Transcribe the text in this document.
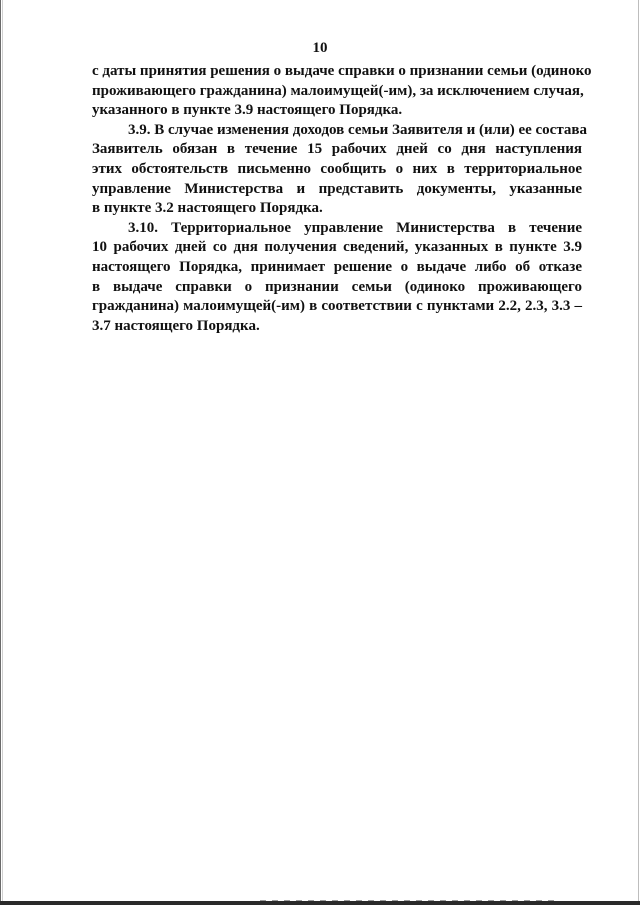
10
с даты принятия решения о выдаче справки о признании семьи (одиноко
проживающего гражданина) малоимущей(-им), за исключением случая,
указанного в пункте 3.9 настоящего Порядка.
3.9. В случае изменения доходов семьи Заявителя и (или) ее состава
Заявитель обязан в течение 15 рабочих дней со дня наступления
этих обстоятельств письменно сообщить о них в территориальное
управление Министерства и представить документы, указанные
в пункте 3.2 настоящего Порядка.
3.10. Территориальное управление Министерства в течение
10 рабочих дней со дня получения сведений, указанных в пункте 3.9
настоящего Порядка, принимает решение о выдаче либо об отказе
в выдаче справки о признании семьи (одиноко проживающего
гражданина) малоимущей(-им) в соответствии с пунктами 2.2, 2.3, 3.3 –
3.7 настоящего Порядка.
